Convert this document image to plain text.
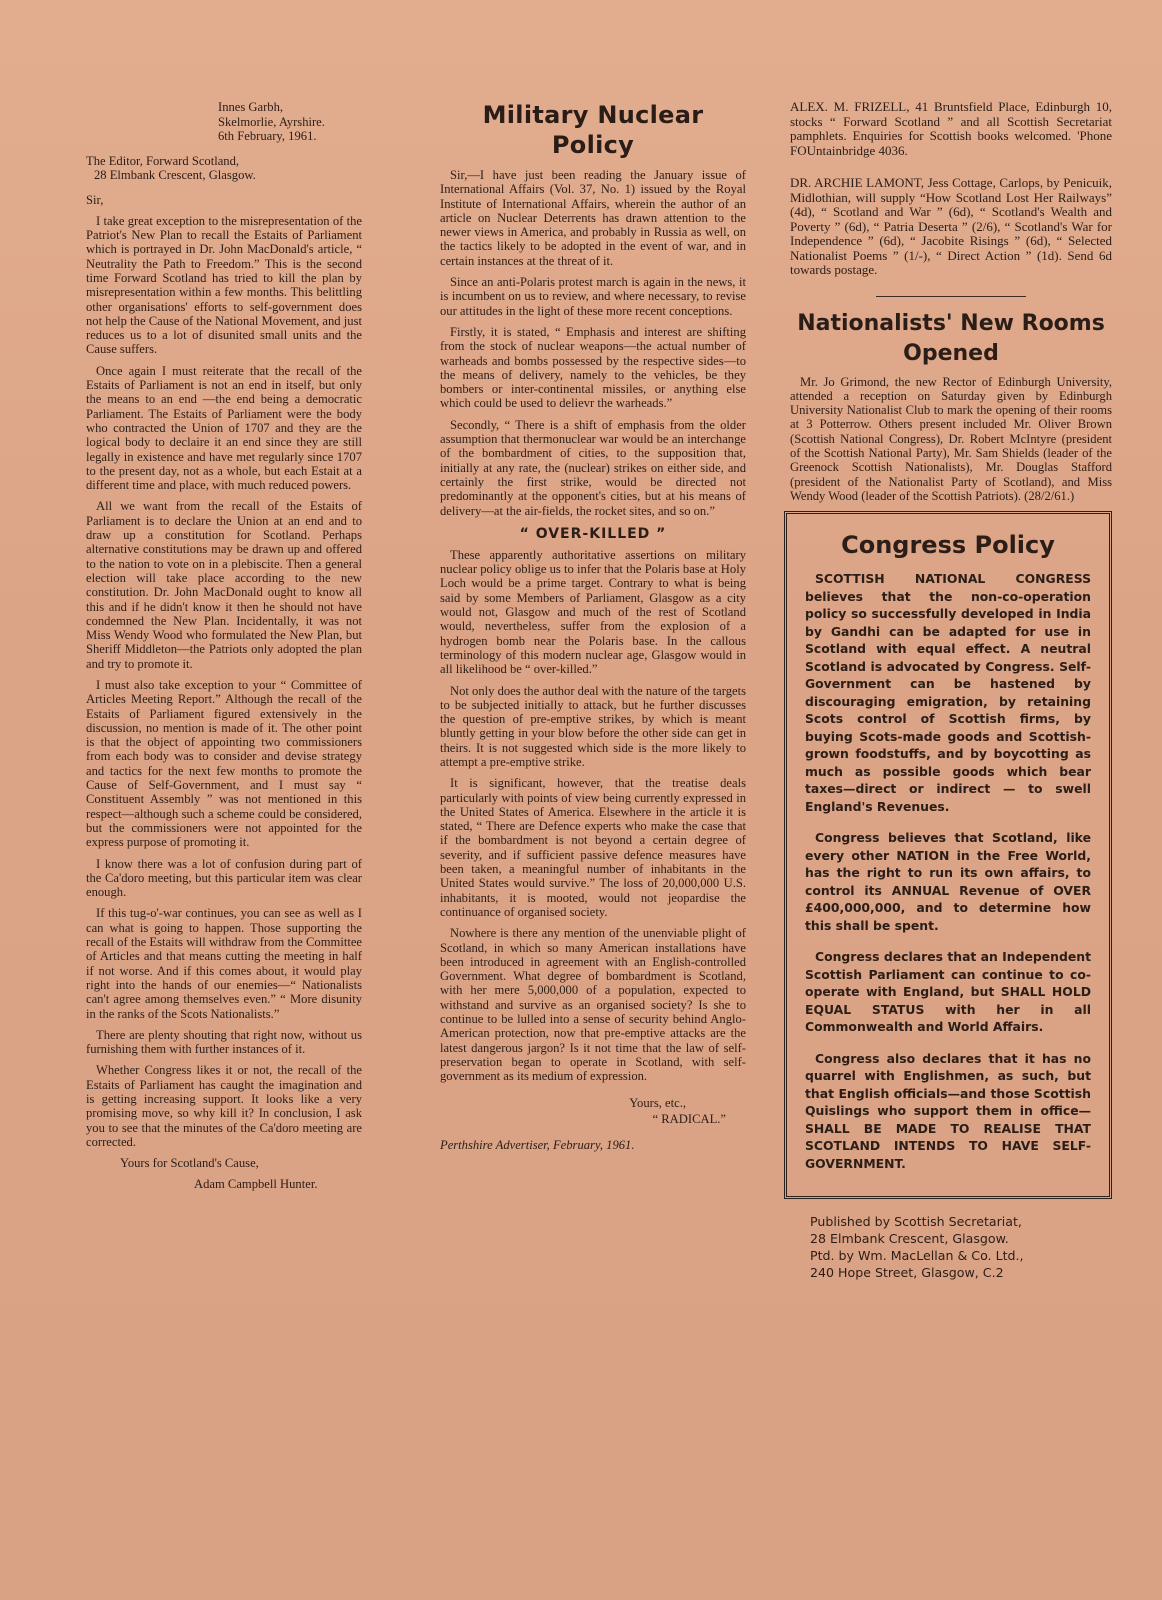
Innes Garbh,

Skelmorlie, Ayrshire.

6th February, 1961.

The Editor, Forward Scotland,

28 Elmbank Crescent, Glasgow.

Sir,

I take great exception to the misrepresentation of the Patriot's New Plan to recall the Estaits of Parliament which is portrayed in Dr. John MacDonald's article, “ Neutrality the Path to Freedom.” This is the second time Forward Scotland has tried to kill the plan by misrepresentation within a few months. This belittling other organisations' efforts to self-government does not help the Cause of the National Movement, and just reduces us to a lot of disunited small units and the Cause suffers.

Once again I must reiterate that the recall of the Estaits of Parliament is not an end in itself, but only the means to an end —the end being a democratic Parliament. The Estaits of Parliament were the body who contracted the Union of 1707 and they are the logical body to declaire it an end since they are still legally in existence and have met regularly since 1707 to the present day, not as a whole, but each Estait at a different time and place, with much reduced powers.

All we want from the recall of the Estaits of Parliament is to declare the Union at an end and to draw up a constitution for Scotland. Perhaps alternative constitutions may be drawn up and offered to the nation to vote on in a plebiscite. Then a general election will take place according to the new constitution. Dr. John MacDonald ought to know all this and if he didn't know it then he should not have condemned the New Plan. Incidentally, it was not Miss Wendy Wood who formulated the New Plan, but Sheriff Middleton—the Patriots only adopted the plan and try to promote it.

I must also take exception to your “ Committee of Articles Meeting Report.” Although the recall of the Estaits of Parliament figured extensively in the discussion, no mention is made of it. The other point is that the object of appointing two commissioners from each body was to consider and devise strategy and tactics for the next few months to promote the Cause of Self-Government, and I must say “ Constituent Assembly ” was not mentioned in this respect—although such a scheme could be considered, but the commissioners were not appointed for the express purpose of promoting it.

I know there was a lot of confusion during part of the Ca'doro meeting, but this particular item was clear enough.

If this tug-o'-war continues, you can see as well as I can what is going to happen. Those supporting the recall of the Estaits will withdraw from the Committee of Articles and that means cutting the meeting in half if not worse. And if this comes about, it would play right into the hands of our enemies—“ Nationalists can't agree among themselves even.” “ More disunity in the ranks of the Scots Nationalists.”

There are plenty shouting that right now, without us furnishing them with further instances of it.

Whether Congress likes it or not, the recall of the Estaits of Parliament has caught the imagination and is getting increasing support. It looks like a very promising move, so why kill it? In conclusion, I ask you to see that the minutes of the Ca'doro meeting are corrected.

Yours for Scotland's Cause,

Adam Campbell Hunter.

Military Nuclear Policy

Sir,—I have just been reading the January issue of International Affairs (Vol. 37, No. 1) issued by the Royal Institute of International Affairs, wherein the author of an article on Nuclear Deterrents has drawn attention to the newer views in America, and probably in Russia as well, on the tactics likely to be adopted in the event of war, and in certain instances at the threat of it.

Since an anti-Polaris protest march is again in the news, it is incumbent on us to review, and where necessary, to revise our attitudes in the light of these more recent conceptions.

Firstly, it is stated, “ Emphasis and interest are shifting from the stock of nuclear weapons—the actual number of warheads and bombs possessed by the respective sides—to the means of delivery, namely to the vehicles, be they bombers or inter-continental missiles, or anything else which could be used to delievr the warheads.”

Secondly, “ There is a shift of emphasis from the older assumption that thermonuclear war would be an interchange of the bombardment of cities, to the supposition that, initially at any rate, the (nuclear) strikes on either side, and certainly the first strike, would be directed not predominantly at the opponent's cities, but at his means of delivery—at the air-fields, the rocket sites, and so on.”

“ OVER-KILLED ”

These apparently authoritative assertions on military nuclear policy oblige us to infer that the Polaris base at Holy Loch would be a prime target. Contrary to what is being said by some Members of Parliament, Glasgow as a city would not, Glasgow and much of the rest of Scotland would, nevertheless, suffer from the explosion of a hydrogen bomb near the Polaris base. In the callous terminology of this modern nuclear age, Glasgow would in all likelihood be “ over-killed.”

Not only does the author deal with the nature of the targets to be subjected initially to attack, but he further discusses the question of pre-emptive strikes, by which is meant bluntly getting in your blow before the other side can get in theirs. It is not suggested which side is the more likely to attempt a pre-emptive strike.

It is significant, however, that the treatise deals particularly with points of view being currently expressed in the United States of America. Elsewhere in the article it is stated, “ There are Defence experts who make the case that if the bombardment is not beyond a certain degree of severity, and if sufficient passive defence measures have been taken, a meaningful number of inhabitants in the United States would survive.” The loss of 20,000,000 U.S. inhabitants, it is mooted, would not jeopardise the continuance of organised society.

Nowhere is there any mention of the unenviable plight of Scotland, in which so many American installations have been introduced in agreement with an English-controlled Government. What degree of bombardment is Scotland, with her mere 5,000,000 of a population, expected to withstand and survive as an organised society? Is she to continue to be lulled into a sense of security behind Anglo-American protection, now that pre-emptive attacks are the latest dangerous jargon? Is it not time that the law of self-preservation began to operate in Scotland, with self-government as its medium of expression.

Yours, etc.,

“ RADICAL.”

Perthshire Advertiser, February, 1961.

ALEX. M. FRIZELL, 41 Bruntsfield Place, Edinburgh 10, stocks “ Forward Scotland ” and all Scottish Secretariat pamphlets. Enquiries for Scottish books welcomed. 'Phone FOUntainbridge 4036.

DR. ARCHIE LAMONT, Jess Cottage, Carlops, by Penicuik, Midlothian, will supply “How Scotland Lost Her Railways” (4d), “ Scotland and War ” (6d), “ Scotland's Wealth and Poverty ” (6d), “ Patria Deserta ” (2/6), “ Scotland's War for Independence ” (6d), “ Jacobite Risings ” (6d), “ Selected Nationalist Poems ” (1/-), “ Direct Action ” (1d). Send 6d towards postage.

Nationalists' New Rooms Opened

Mr. Jo Grimond, the new Rector of Edinburgh University, attended a reception on Saturday given by Edinburgh University Nationalist Club to mark the opening of their rooms at 3 Potterrow. Others present included Mr. Oliver Brown (Scottish National Congress), Dr. Robert McIntyre (president of the Scottish National Party), Mr. Sam Shields (leader of the Greenock Scottish Nationalists), Mr. Douglas Stafford (president of the Nationalist Party of Scotland), and Miss Wendy Wood (leader of the Scottish Patriots). (28/2/61.)

Congress Policy

SCOTTISH NATIONAL CONGRESS believes that the non-co-operation policy so successfully developed in India by Gandhi can be adapted for use in Scotland with equal effect. A neutral Scotland is advocated by Congress. Self-Government can be hastened by discouraging emigration, by retaining Scots control of Scottish firms, by buying Scots-made goods and Scottish-grown foodstuffs, and by boycotting as much as possible goods which bear taxes—direct or indirect — to swell England's Revenues.

Congress believes that Scotland, like every other NATION in the Free World, has the right to run its own affairs, to control its ANNUAL Revenue of OVER £400,000,000, and to determine how this shall be spent.

Congress declares that an Independent Scottish Parliament can continue to co-operate with England, but SHALL HOLD EQUAL STATUS with her in all Commonwealth and World Affairs.

Congress also declares that it has no quarrel with Englishmen, as such, but that English officials—and those Scottish Quislings who support them in office—SHALL BE MADE TO REALISE THAT SCOTLAND INTENDS TO HAVE SELF-GOVERNMENT.

Published by Scottish Secretariat,
28 Elmbank Crescent, Glasgow.
Ptd. by Wm. MacLellan & Co. Ltd.,
240 Hope Street, Glasgow, C.2
